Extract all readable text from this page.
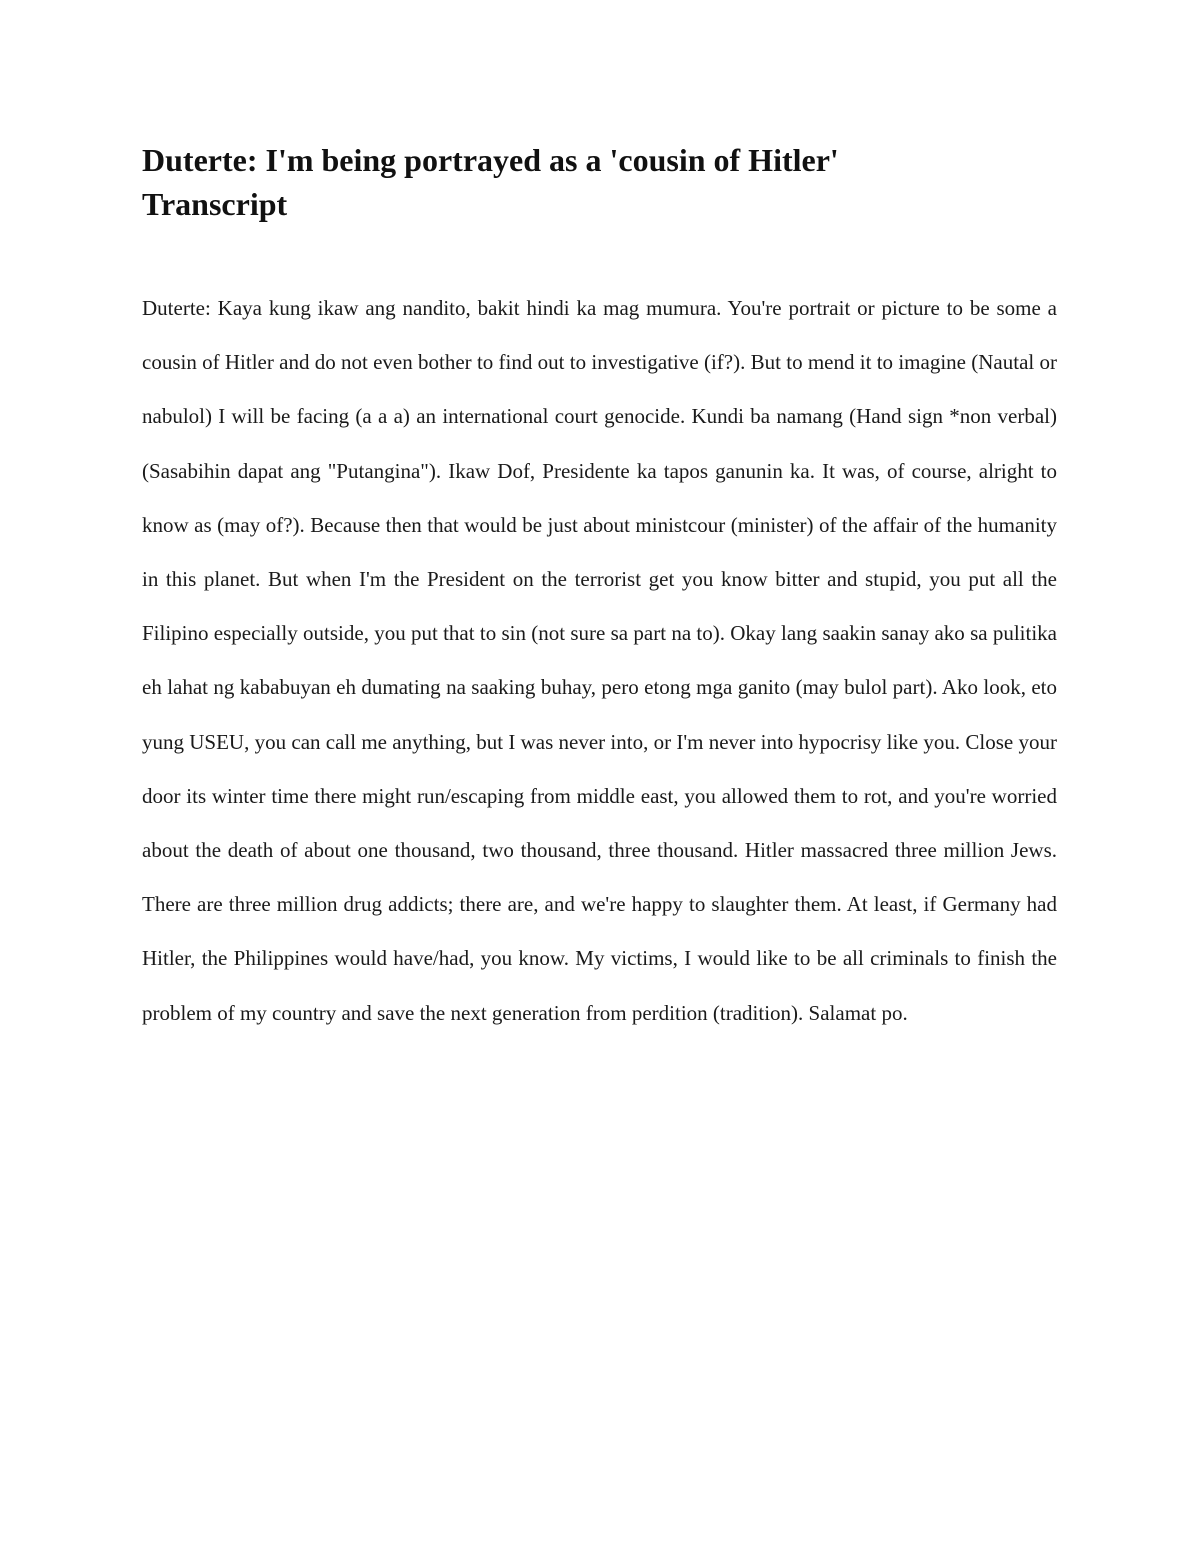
Duterte: I'm being portrayed as a 'cousin of Hitler'
Transcript

Duterte: Kaya kung ikaw ang nandito, bakit hindi ka mag mumura. You're portrait or picture to be some a cousin of Hitler and do not even bother to find out to investigative (if?). But to mend it to imagine (Nautal or nabulol) I will be facing (a a a) an international court genocide. Kundi ba namang (Hand sign *non verbal) (Sasabihin dapat ang "Putangina"). Ikaw Dof, Presidente ka tapos ganunin ka. It was, of course, alright to know as (may of?). Because then that would be just about ministcour (minister) of the affair of the humanity in this planet. But when I'm the President on the terrorist get you know bitter and stupid, you put all the Filipino especially outside, you put that to sin (not sure sa part na to). Okay lang saakin sanay ako sa pulitika eh lahat ng kababuyan eh dumating na saaking buhay, pero etong mga ganito (may bulol part). Ako look, eto yung USEU, you can call me anything, but I was never into, or I'm never into hypocrisy like you. Close your door its winter time there might run/escaping from middle east, you allowed them to rot, and you're worried about the death of about one thousand, two thousand, three thousand. Hitler massacred three million Jews. There are three million drug addicts; there are, and we're happy to slaughter them. At least, if Germany had Hitler, the Philippines would have/had, you know. My victims, I would like to be all criminals to finish the problem of my country and save the next generation from perdition (tradition). Salamat po.
